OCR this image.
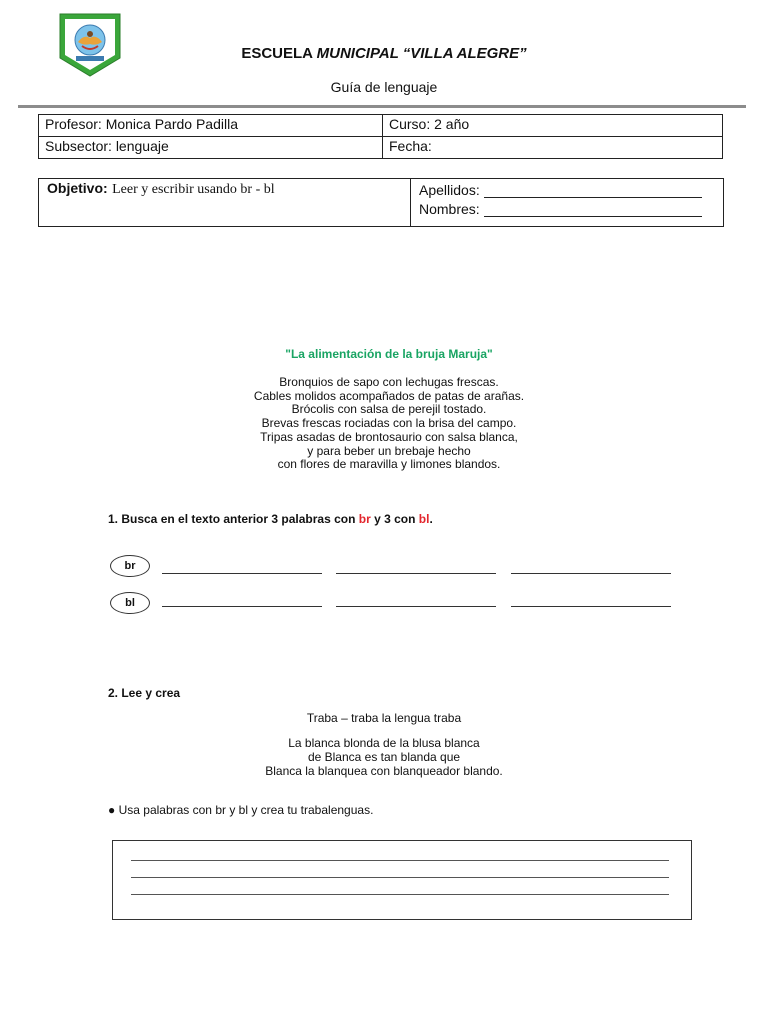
ESCUELA MUNICIPAL “VILLA ALEGRE”
Guía de lenguaje
Profesor: Monica Pardo Padilla	Curso: 2 año
Subsector: lenguaje	Fecha:
Objetivo: Leer y escribir usando br - bl	Apellidos:
Nombres:
"La alimentación de la bruja Maruja"
Bronquios de sapo con lechugas frescas.
Cables molidos acompañados de patas de arañas.
Brócolis con salsa de perejil tostado.
Brevas frescas rociadas con la brisa del campo.
Tripas asadas de brontosaurio con salsa blanca,
y para beber un brebaje hecho
con flores de maravilla y limones blandos.
1. Busca en el texto anterior 3 palabras con br y 3 con bl.
br
bl
2. Lee y crea
Traba – traba la lengua traba
La blanca blonda de la blusa blanca
de Blanca es tan blanda que
Blanca la blanquea con blanqueador blando.
● Usa palabras con br y bl y crea tu trabalenguas.
